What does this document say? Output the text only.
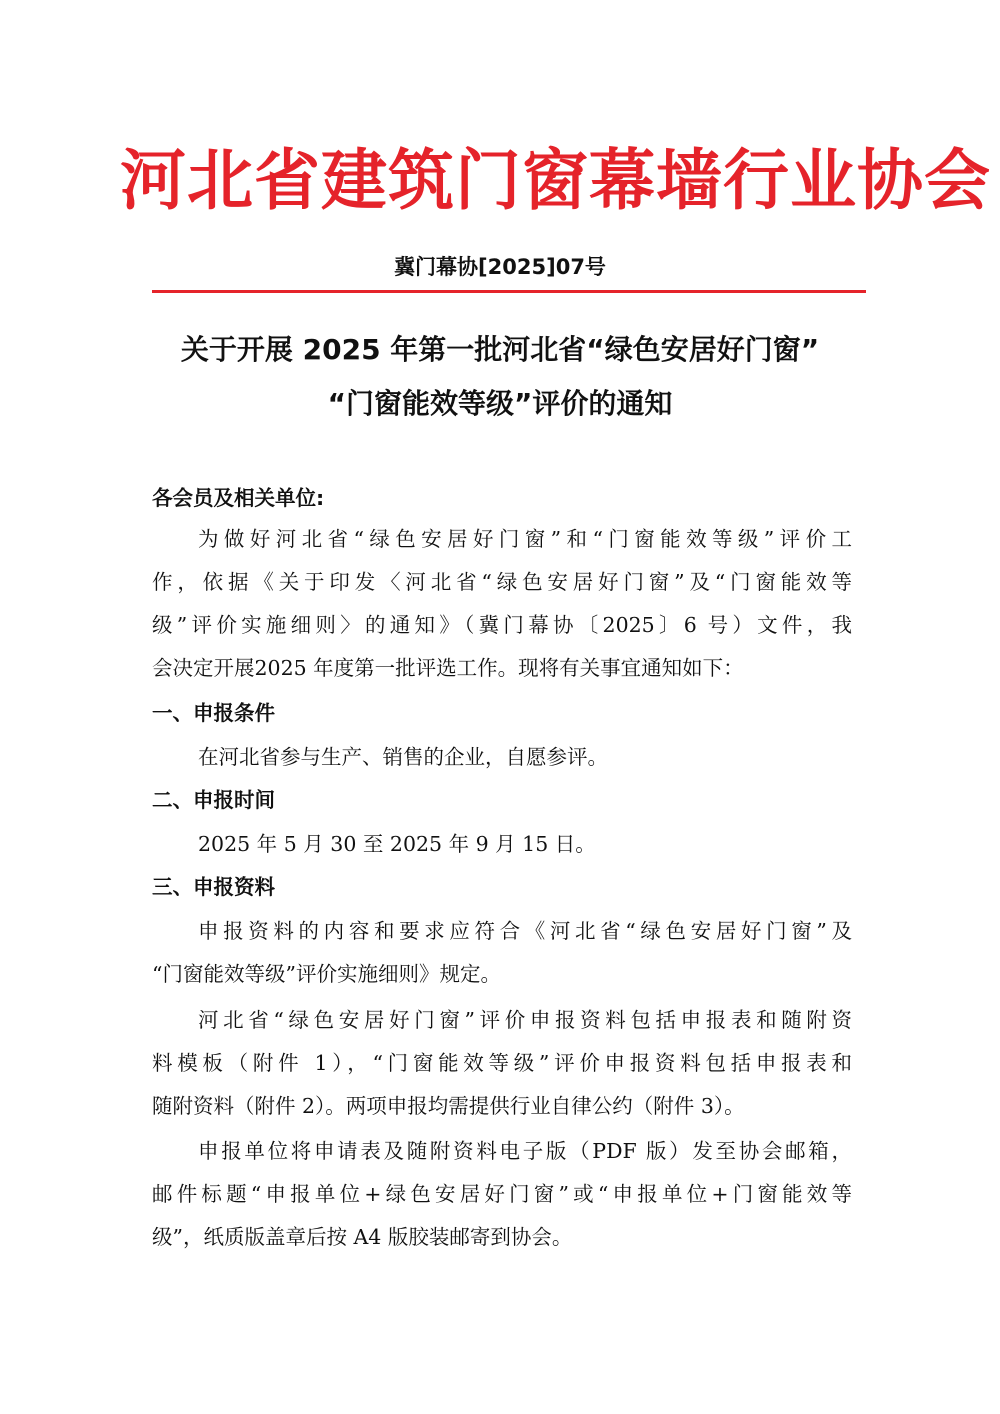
河北省建筑门窗幕墙行业协会
冀门幕协[2025]07号
关于开展 2025 年第一批河北省“绿色安居好门窗”
“门窗能效等级”评价的通知
各会员及相关单位:
为做好河北省“绿色安居好门窗”和“门窗能效等级”评价工
作，依据《关于印发〈河北省“绿色安居好门窗”及“门窗能效等
级”评价实施细则〉的通知》（冀门幕协〔2025〕6 号）文件，我
会决定开展2025 年度第一批评选工作。现将有关事宜通知如下：
一、申报条件
在河北省参与生产、销售的企业，自愿参评。
二、申报时间
2025 年 5 月 30 至 2025 年 9 月 15 日。
三、申报资料
申报资料的内容和要求应符合《河北省“绿色安居好门窗”及
“门窗能效等级”评价实施细则》规定。
河北省“绿色安居好门窗”评价申报资料包括申报表和随附资
料模板（附件 1），“门窗能效等级”评价申报资料包括申报表和
随附资料（附件 2）。两项申报均需提供行业自律公约（附件 3）。
申报单位将申请表及随附资料电子版（PDF 版）发至协会邮箱，
邮件标题“申报单位+绿色安居好门窗”或“申报单位+门窗能效等
级”，纸质版盖章后按 A4 版胶装邮寄到协会。
